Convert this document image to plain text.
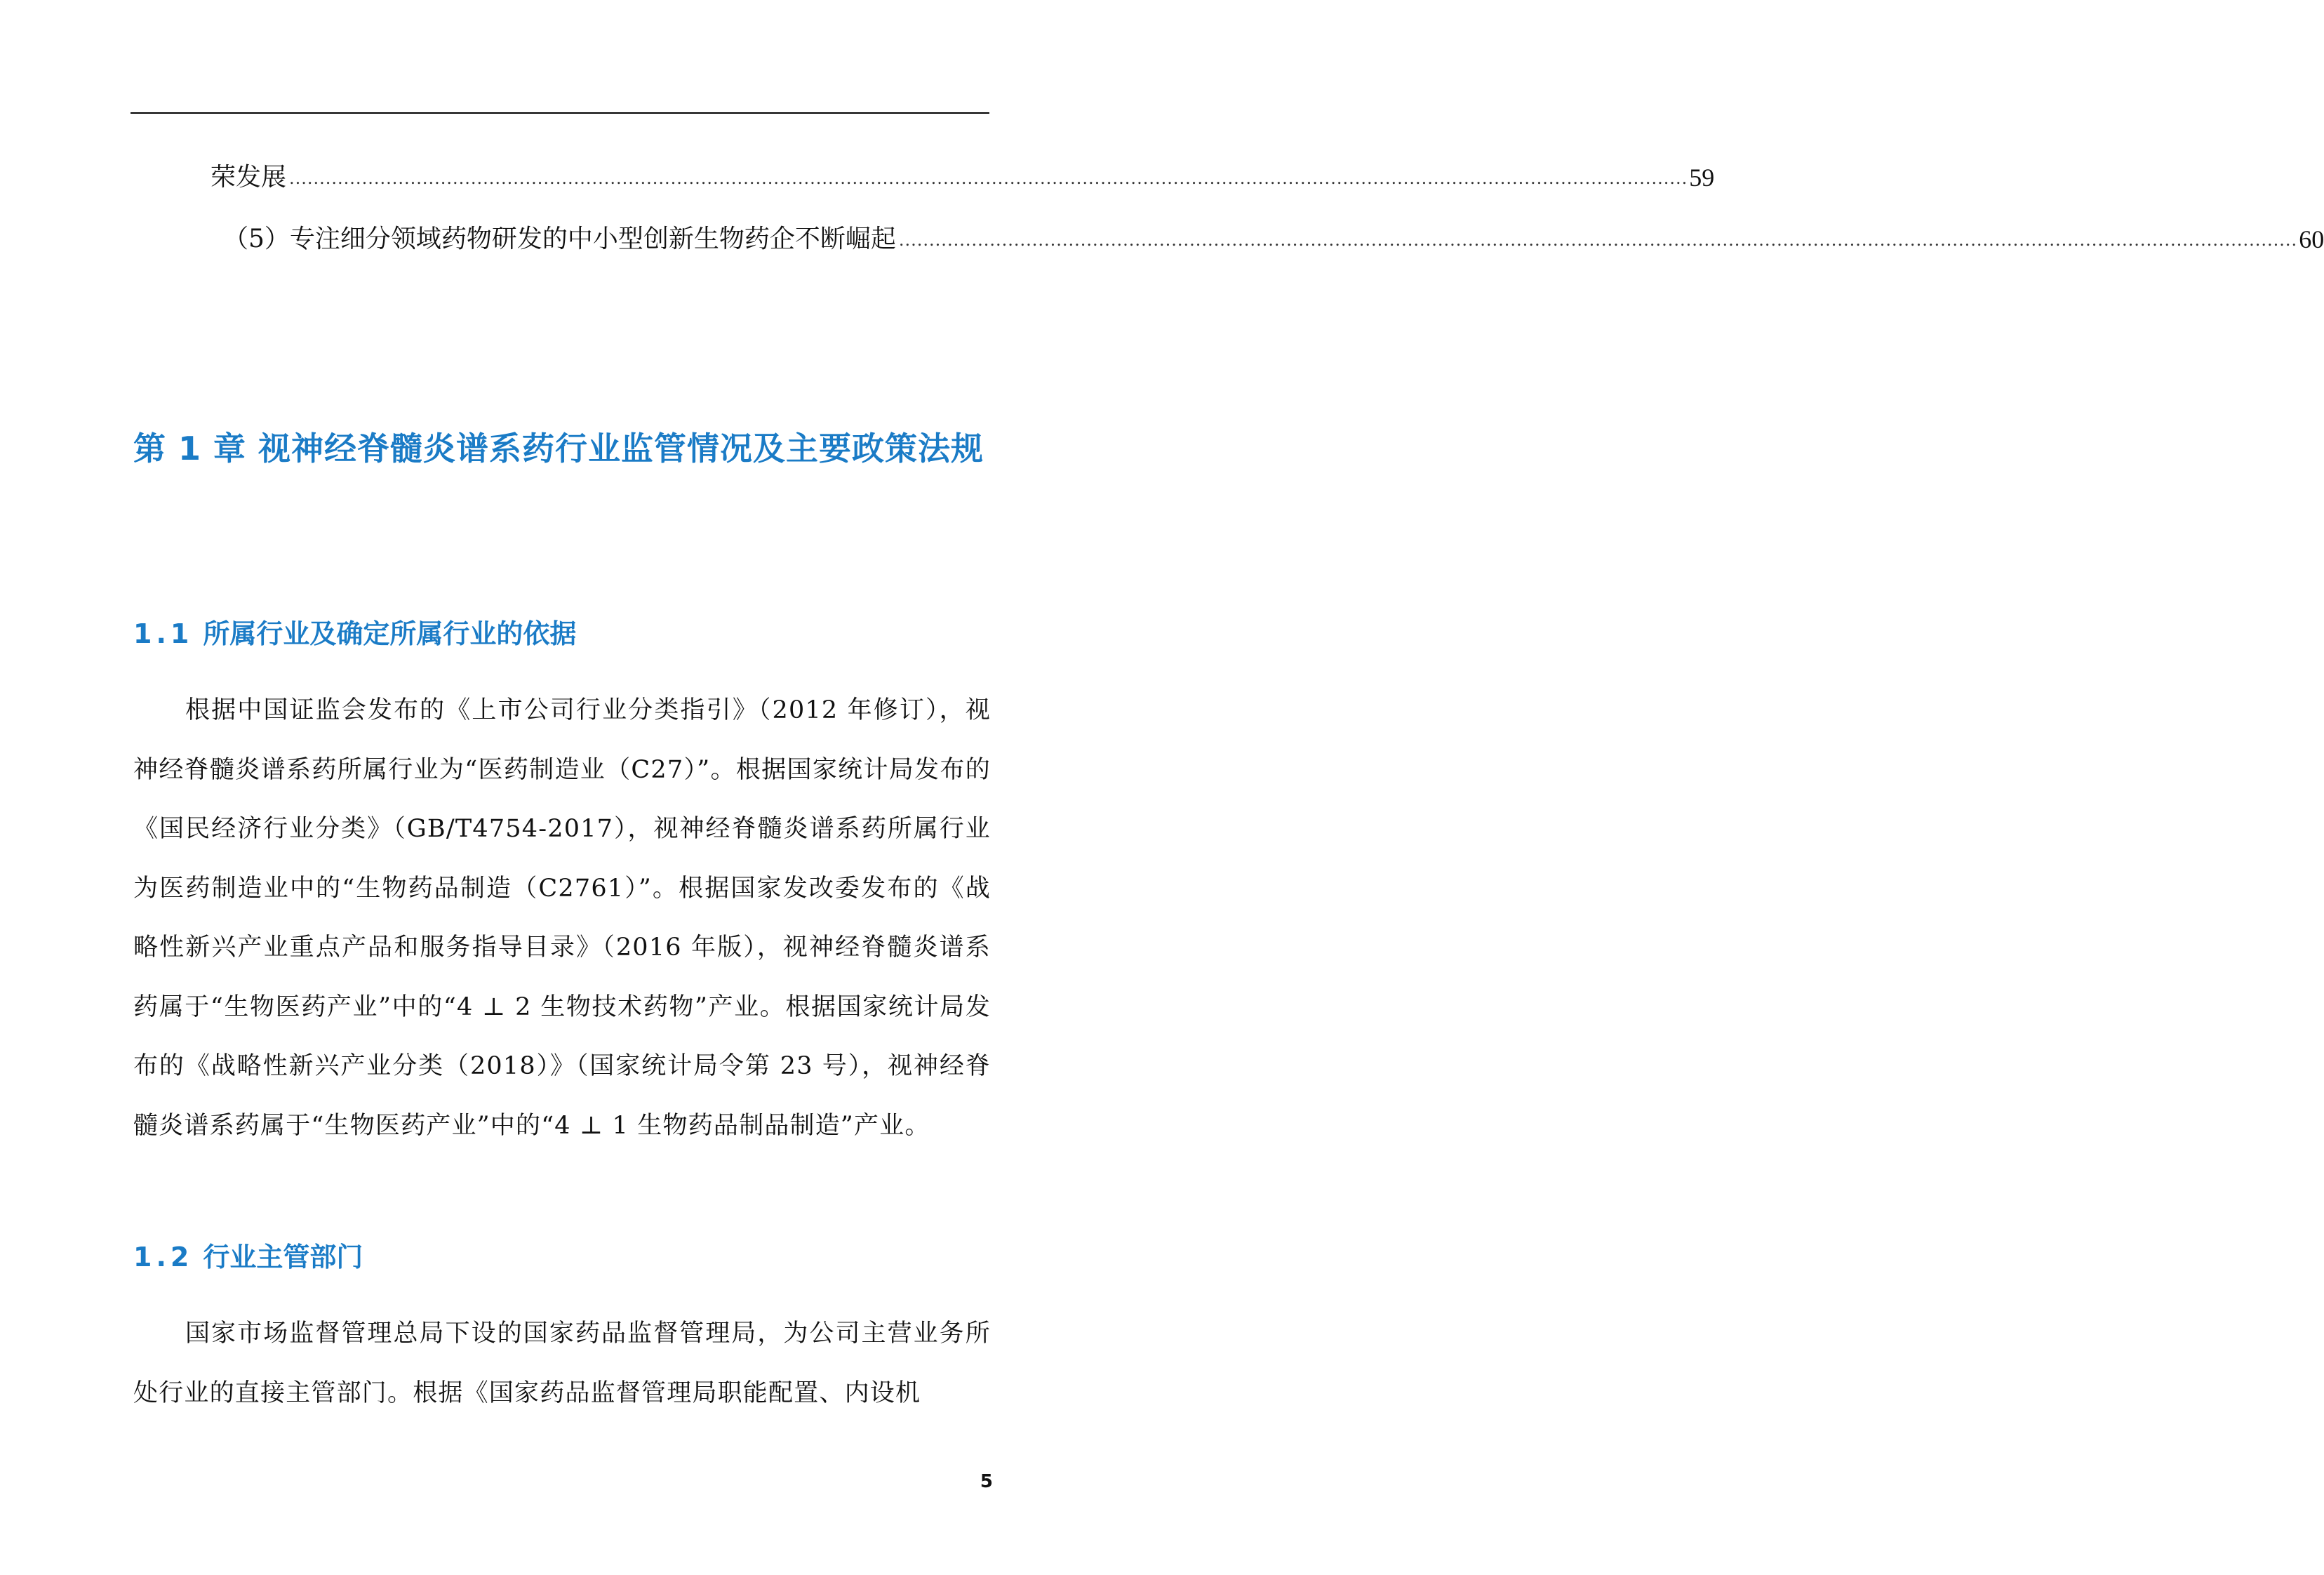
荣发展 ....................................................................................................................................................................................................................................... 59
（5）专注细分领域药物研发的中小型创新生物药企不断崛起 ....................................................................................................................................................................................................................................... 60
第 1 章 视神经脊髓炎谱系药行业监管情况及主要政策法规
1.1 所属行业及确定所属行业的依据

根据中国证监会发布的《上市公司行业分类指引》（2012 年修订），视神经脊髓炎谱系药所属行业为“医药制造业（C27）”。根据国家统计局发布的《国民经济行业分类》（GB/T4754-2017），视神经脊髓炎谱系药所属行业为医药制造业中的“生物药品制造（C2761）”。根据国家发改委发布的《战略性新兴产业重点产品和服务指导目录》（2016 年版），视神经脊髓炎谱系药属于“生物医药产业”中的“4 ⊥ 2 生物技术药物”产业。根据国家统计局发布的《战略性新兴产业分类（2018）》（国家统计局令第 23 号），视神经脊髓炎谱系药属于“生物医药产业”中的“4 ⊥ 1 生物药品制品制造”产业。

1.2 行业主管部门

国家市场监督管理总局下设的国家药品监督管理局，为公司主营业务所处行业的直接主管部门。根据《国家药品监督管理局职能配置、内设机

5
